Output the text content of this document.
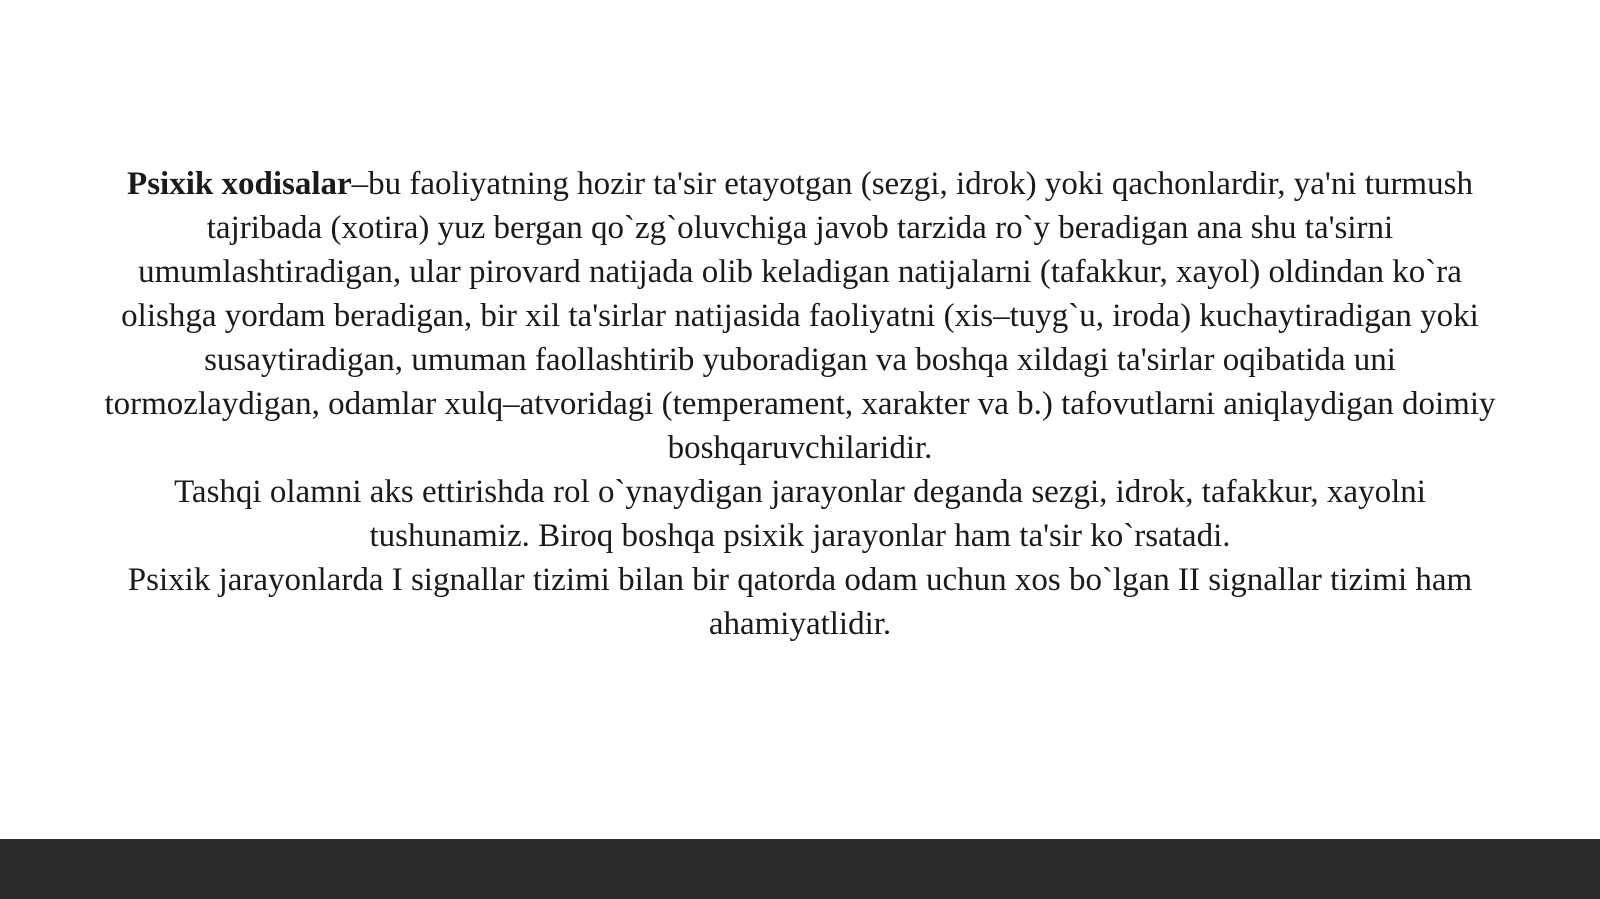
Psixik xodisalar–bu faoliyatning hozir ta'sir etayotgan (sezgi, idrok) yoki qachonlardir, ya'ni turmush tajribada (xotira) yuz bergan qo`zg`oluvchiga javob tarzida ro`y beradigan ana shu ta'sirni umumlashtiradigan, ular pirovard natijada olib keladigan natijalarni (tafakkur, xayol) oldindan ko`ra olishga yordam beradigan, bir xil ta'sirlar natijasida faoliyatni (xis–tuyg`u, iroda) kuchaytiradigan yoki susaytiradigan, umuman faollashtirib yuboradigan va boshqa xildagi ta'sirlar oqibatida uni tormozlaydigan, odamlar xulq–atvoridagi (temperament, xarakter va b.) tafovutlarni aniqlaydigan doimiy boshqaruvchilaridir.

Tashqi olamni aks ettirishda rol o`ynaydigan jarayonlar deganda sezgi, idrok, tafakkur, xayolni tushunamiz. Biroq boshqa psixik jarayonlar ham ta'sir ko`rsatadi.

Psixik jarayonlarda I signallar tizimi bilan bir qatorda odam uchun xos bo`lgan II signallar tizimi ham ahamiyatlidir.
